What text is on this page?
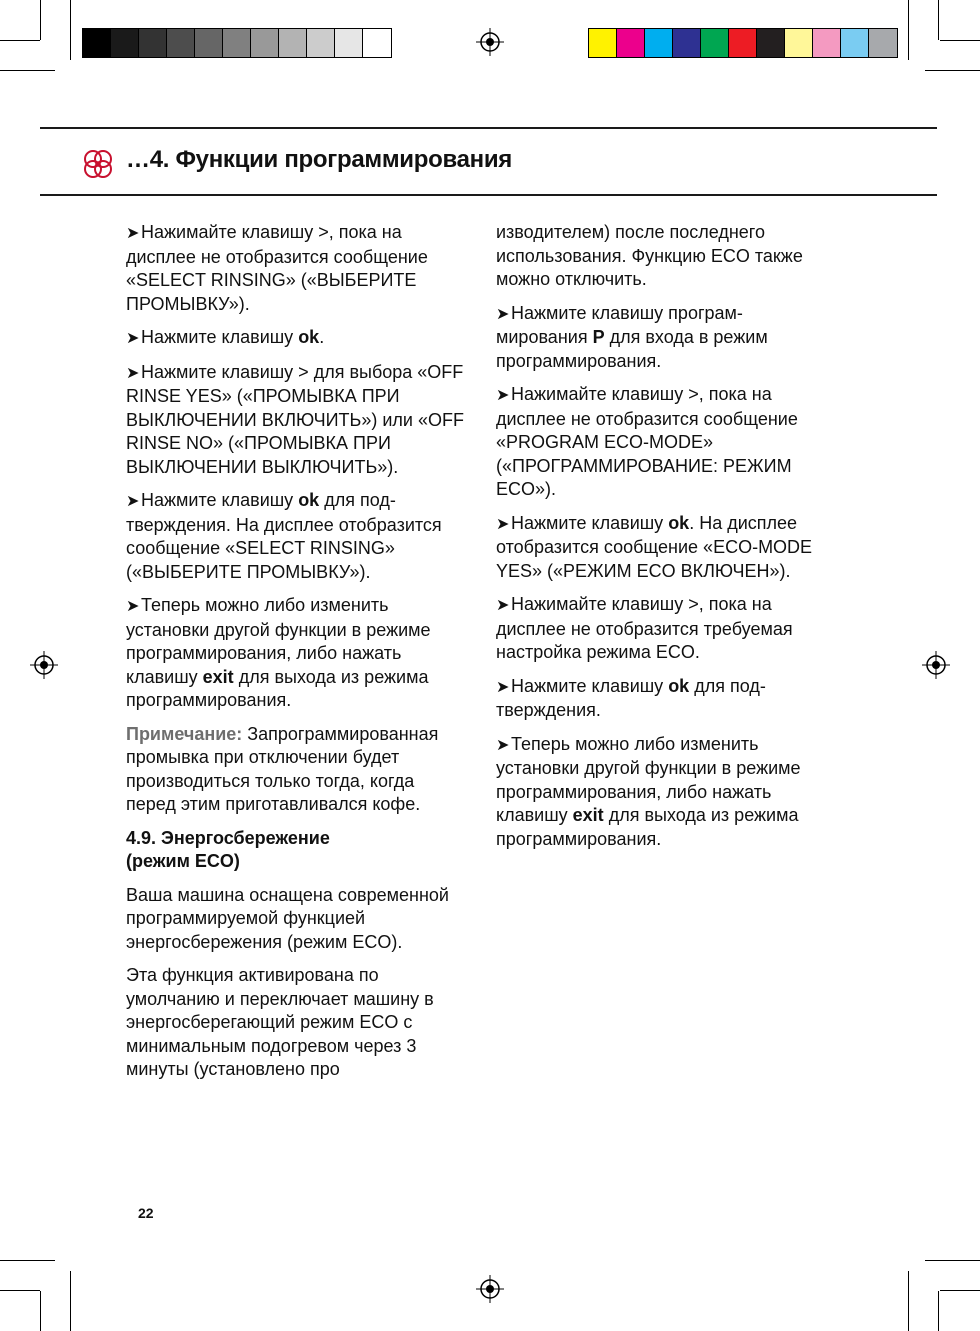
…4. Функции программирования

➤Нажимайте клавишу >, пока на дисплее не отобразится сообщение «SELECT RINSING» («ВЫБЕРИТЕ ПРОМЫВКУ»).

➤Нажмите клавишу ok.

➤Нажмите клавишу > для выбора «OFF RINSE YES» («ПРОМЫВКА ПРИ ВЫКЛЮЧЕНИИ ВКЛЮЧИТЬ») или «OFF RINSE NO» («ПРОМЫВКА ПРИ ВЫКЛЮЧЕНИИ ВЫКЛЮЧИТЬ»).

➤Нажмите клавишу ok для подтверждения. На дисплее отобразится сообщение «SELECT RINSING» («ВЫБЕРИТЕ ПРОМЫВКУ»).

➤Теперь можно либо изменить установки другой функции в режиме программирования, либо нажать клавишу exit для выхода из режима программирования.

Примечание: Запрограммированная промывка при отключении будет производиться только тогда, когда перед этим приготавливался кофе.

4.9. Энергосбережение
(режим ECO)

Ваша машина оснащена современной программируемой функцией энергосбережения (режим ECO).

Эта функция активирована по умолчанию и переключает машину в энергосберегающий режим ECO с минимальным подогревом через 3 минуты (установлено про

изводителем) после последнего использования. Функцию ECO также можно отключить.

➤Нажмите клавишу программирования P для входа в режим программирования.

➤Нажимайте клавишу >, пока на дисплее не отобразится сообщение «PROGRAM ECO-MODE» («ПРОГРАММИРОВАНИЕ: РЕЖИМ ECO»).

➤Нажмите клавишу ok. На дисплее отобразится сообщение «ECO-MODE YES» («РЕЖИМ ECO ВКЛЮЧЕН»).

➤Нажимайте клавишу >, пока на дисплее не отобразится требуемая настройка режима ECO.

➤Нажмите клавишу ok для подтверждения.

➤Теперь можно либо изменить установки другой функции в режиме программирования, либо нажать клавишу exit для выхода из режима программирования.

22
